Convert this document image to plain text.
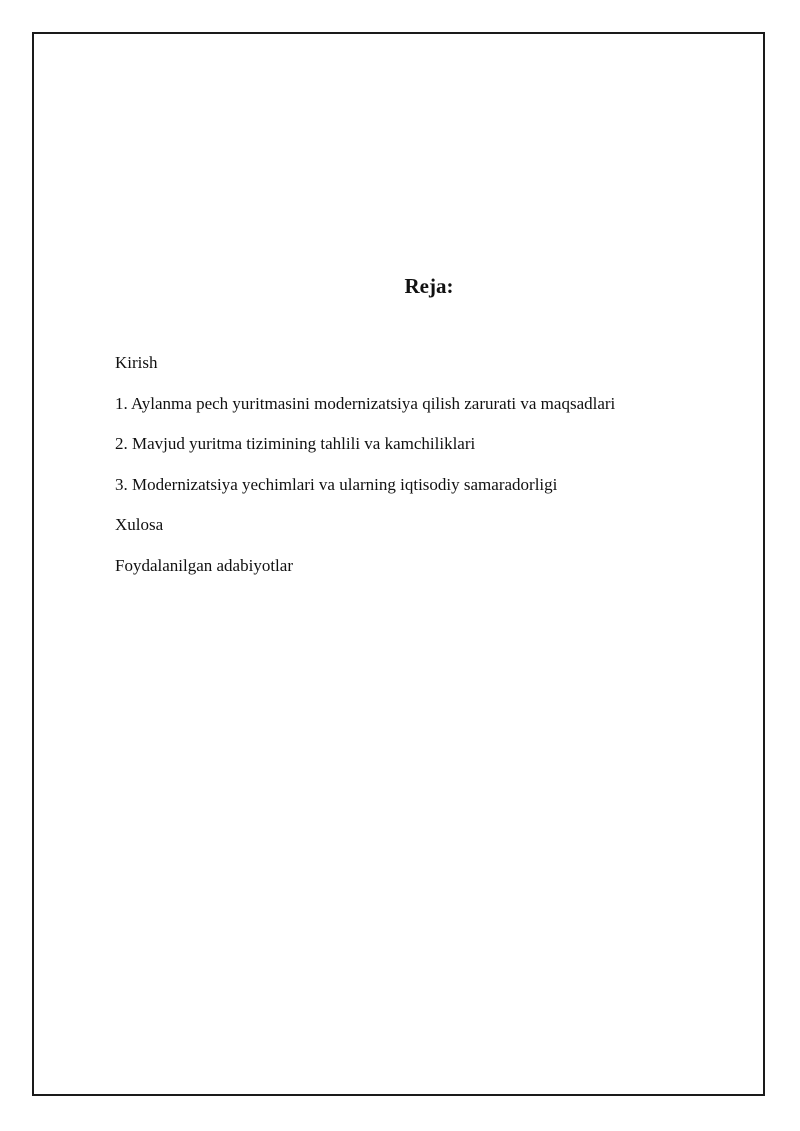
Reja:
Kirish
1. Aylanma pech yuritmasini modernizatsiya qilish zarurati va maqsadlari
2. Mavjud yuritma tizimining tahlili va kamchiliklari
3. Modernizatsiya yechimlari va ularning iqtisodiy samaradorligi
Xulosa
Foydalanilgan adabiyotlar
